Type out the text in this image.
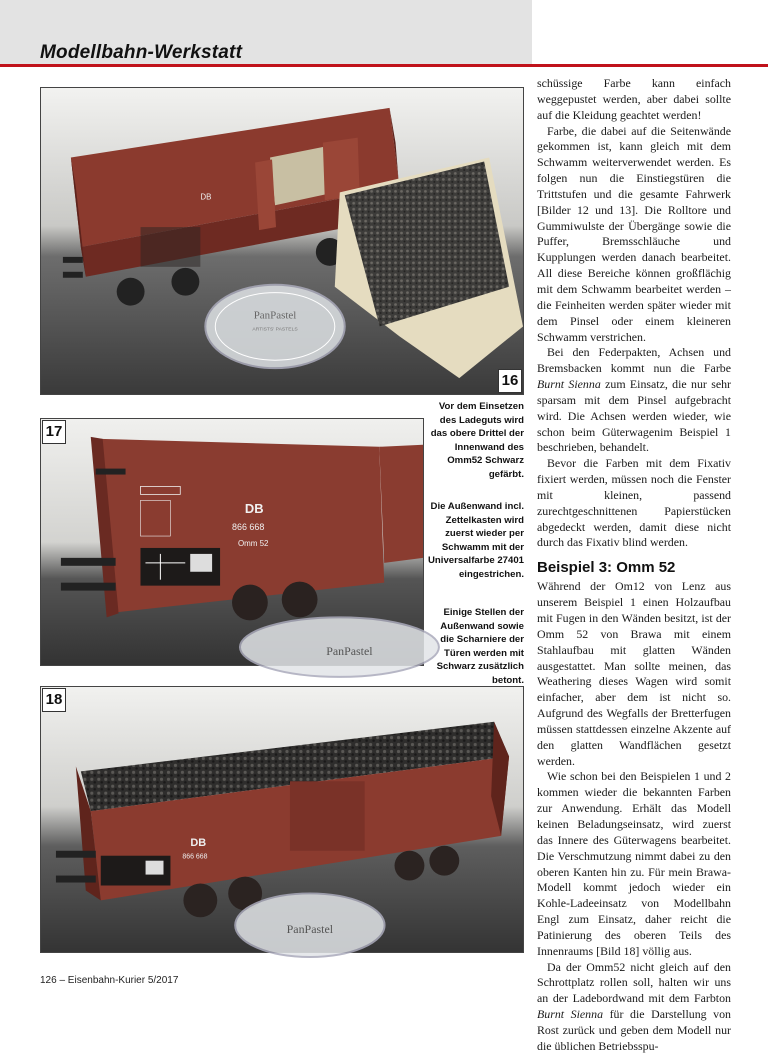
Modellbahn-Werkstatt
DB
PanPastel
ARTISTS' PASTELS
16
DB
866 668
Omm 52
PanPastel
17
DB
866 668
PanPastel
18
Vor dem Einsetzen des Ladeguts wird das obere Drittel der Innenwand des Omm52 Schwarz gefärbt.
Die Außenwand incl. Zettelkasten wird zuerst wieder per Schwamm mit der Universalfarbe 27401 eingestrichen.
Einige Stellen der Außenwand sowie die Scharniere der Türen werden mit Schwarz zusätzlich betont.

schüssige Farbe kann einfach weggepustet werden, aber dabei sollte auf die Kleidung geachtet werden!

Farbe, die dabei auf die Seitenwände gekommen ist, kann gleich mit dem Schwamm weiterverwendet werden. Es folgen nun die Einstiegstüren die Trittstufen und die gesamte Fahrwerk [Bilder 12 und 13]. Die Rolltore und Gummiwulste der Übergänge sowie die Puffer, Bremsschläuche und Kupplungen werden danach bearbeitet. All diese Bereiche können großflächig mit dem Schwamm bearbeitet werden – die Feinheiten werden später wieder mit dem Pinsel oder einem kleineren Schwamm verstrichen.

Bei den Federpakten, Achsen und Bremsbacken kommt nun die Farbe Burnt Sienna zum Einsatz, die nur sehr sparsam mit dem Pinsel aufgebracht wird. Die Achsen werden wieder, wie schon beim Güterwagenim Beispiel 1 beschrieben, behandelt.

Bevor die Farben mit dem Fixativ fixiert werden, müssen noch die Fenster mit kleinen, passend zurechtgeschnittenen Papierstücken abgedeckt werden, damit diese nicht durch das Fixativ blind werden.

Beispiel 3: Omm 52

Während der Om12 von Lenz aus unserem Beispiel 1 einen Holzaufbau mit Fugen in den Wänden besitzt, ist der Omm 52 von Brawa mit einem Stahlaufbau mit glatten Wänden ausgestattet. Man sollte meinen, das Weathering dieses Wagen wird somit einfacher, aber dem ist nicht so. Aufgrund des Wegfalls der Bretterfugen müssen stattdessen einzelne Akzente auf den glatten Wandflächen gesetzt werden.

Wie schon bei den Beispielen 1 und 2 kommen wieder die bekannten Farben zur Anwendung. Erhält das Modell keinen Beladungseinsatz, wird zuerst das Innere des Güterwagens bearbeitet. Die Verschmutzung nimmt dabei zu den oberen Kanten hin zu. Für mein Brawa-Modell kommt jedoch wieder ein Kohle-Ladeeinsatz von Modellbahn Engl zum Einsatz, daher reicht die Patinierung des oberen Teils des Innenraums [Bild 18] völlig aus.

Da der Omm52 nicht gleich auf den Schrottplatz rollen soll, halten wir uns an der Ladebordwand mit dem Farbton Burnt Sienna für die Darstellung von Rost zurück und geben dem Modell nur die üblichen Betriebsspu-

126 – Eisenbahn-Kurier 5/2017
